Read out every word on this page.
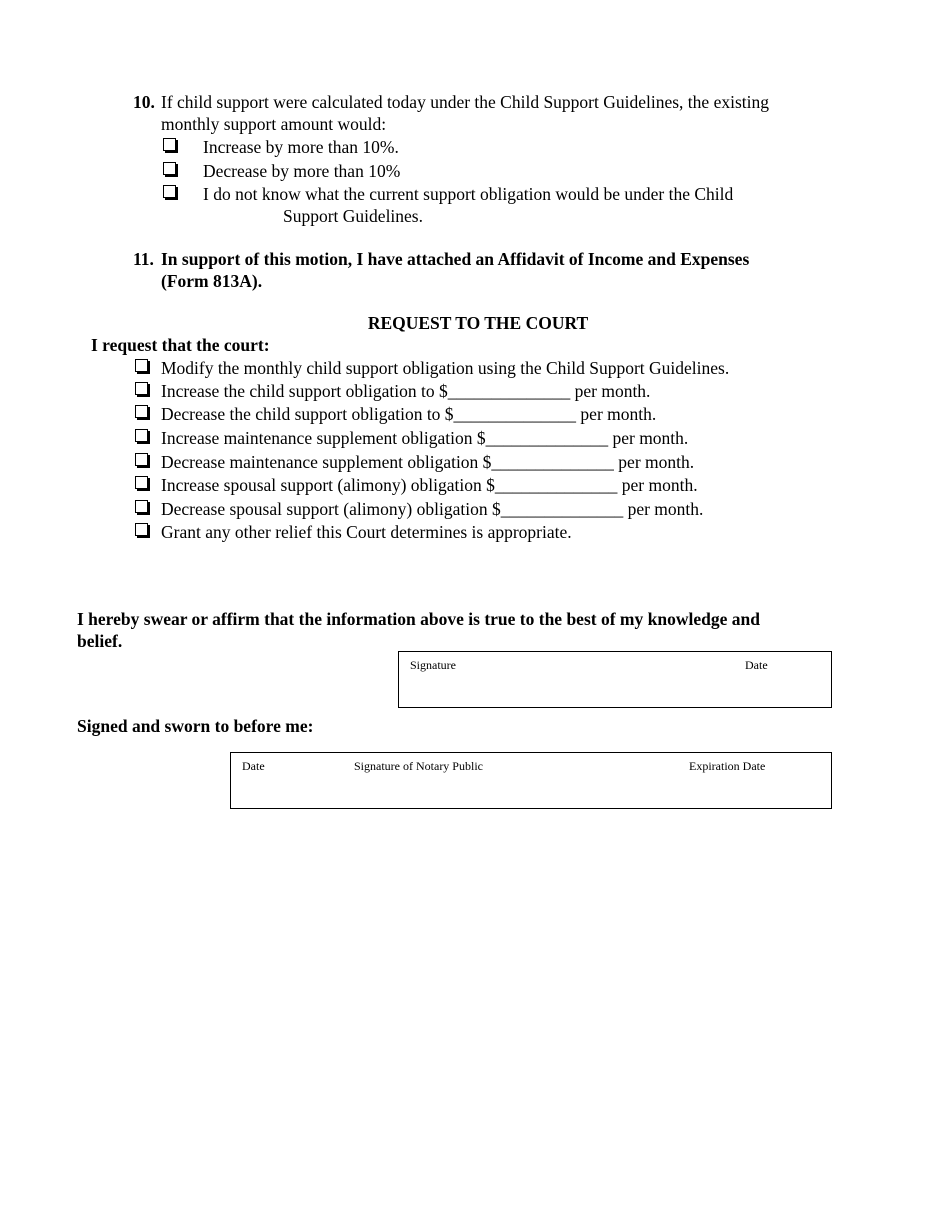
10. If child support were calculated today under the Child Support Guidelines, the existing
monthly support amount would:
Increase by more than 10%.
Decrease by more than 10%
I do not know what the current support obligation would be under the Child
Support Guidelines.
11. In support of this motion, I have attached an Affidavit of Income and Expenses
(Form 813A).
REQUEST TO THE COURT
I request that the court:
Modify the monthly child support obligation using the Child Support Guidelines.
Increase the child support obligation to $______________ per month.
Decrease the child support obligation to $______________ per month.
Increase maintenance supplement obligation $______________ per month.
Decrease maintenance supplement obligation $______________ per month.
Increase spousal support (alimony) obligation $______________ per month.
Decrease spousal support (alimony) obligation $______________ per month.
Grant any other relief this Court determines is appropriate.
I hereby swear or affirm that the information above is true to the best of my knowledge and
belief.
Signature	Date
Signed and sworn to before me:
Date	Signature of Notary Public	Expiration Date
